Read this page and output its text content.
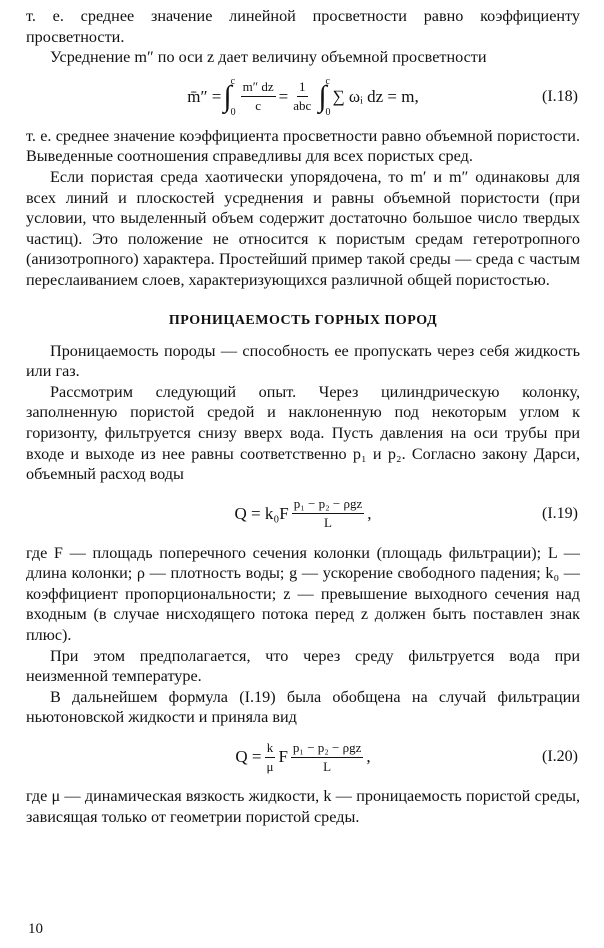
т. е. среднее значение линейной просветности равно коэффициенту просветности.

Усреднение m″ по оси z дает величину объемной просветности

m̄″ = ∫ c
$0 \frac{m'' dz}{c} = 1$
abc ∫ c
0
∑ ωᵢ dz = m,	(I.18)

т. е. среднее значение коэффициента просветности равно объемной пористости. Выведенные соотношения справедливы для всех пористых сред.

Если пористая среда хаотически упорядочена, то m′ и m″ одинаковы для всех линий и плоскостей усреднения и равны объемной пористости (при условии, что выделенный объем содержит достаточно большое число твердых частиц). Это положение не относится к пористым средам гетеротропного (анизотропного) характера. Простейший пример такой среды — среда с частым переслаиванием слоев, характеризующихся различной общей пористостью.

ПРОНИЦАЕМОСТЬ ГОРНЫХ ПОРОД

Проницаемость породы — способность ее пропускать через себя жидкость или газ.

Рассмотрим следующий опыт. Через цилиндрическую колонку, заполненную пористой средой и наклоненную под некоторым углом к горизонту, фильтруется снизу вверх вода. Пусть давления на оси трубы при входе и выходе из нее равны соответственно p₁ и p₂. Согласно закону Дарси, объемный расход воды

Q = k₀F p₁ − p₂ − ρgz
L ,	(I.19)

где F — площадь поперечного сечения колонки (площадь фильтрации); L — длина колонки; ρ — плотность воды; g — ускорение свободного падения; k₀ — коэффициент пропорциональности; z — превышение выходного сечения над входным (в случае нисходящего потока перед z должен быть поставлен знак плюс).

При этом предполагается, что через среду фильтруется вода при неизменной температуре.

В дальнейшем формула (I.19) была обобщена на случай фильтрации ньютоновской жидкости и приняла вид

$Q = \frac{k}{\mu}$ F p₁ − p₂ − ρgz
L ,	(I.20)

где μ — динамическая вязкость жидкости, k — проницаемость пористой среды, зависящая только от геометрии пористой среды.

10
